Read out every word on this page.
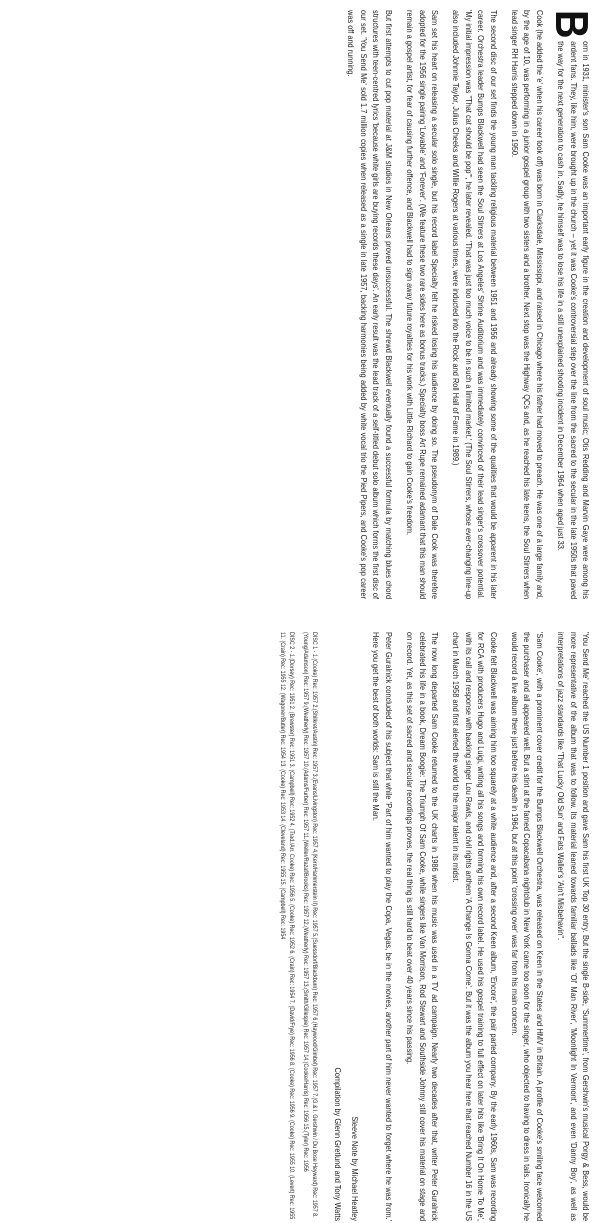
B
orn in 1931, minister's son Sam Cooke was an important early figure in the creation and development of soul music; Otis Redding and Marvin Gaye were among his ardent fans. They, like him, were brought up in the church – yet it was Cooke's controversial step over the line from the sacred to the secular in the late 1950s that paved the way for the next generation to cash in. Sadly, he himself was to lose his life in a still unexplained shooting incident in December 1964 when aged just 33.

Cook (he added the 'e' when his career took off) was born in Clarksdale, Mississippi, and raised in Chicago where his father had moved to preach. He was one of a large family and, by the age of 10, was performing in a junior gospel group with two sisters and a brother. Next stop was the Highway QCs and, as he reached his late teens, the Soul Stirrers when lead singer RH Harris stepped down in 1950.

The second disc of our set finds the young man tackling religious material between 1951 and 1956 and already showing some of the qualities that would be apparent in his later career. Orchestra leader Bumps Blackwell had seen the Soul Stirrers at Los Angeles' Shrine Auditorium and was immediately convinced of their lead singer's crossover potential. 'My initial impression was "That cat should be pop"', he later revealed. 'That was just too much voice to be in such a limited market.' (The Soul Stirrers, whose ever-changing line-up also included Johnnie Taylor, Julius Cheeks and Willie Rogers at various times, were inducted into the Rock and Roll Hall of Fame in 1989.)

Sam set his heart on releasing a secular solo single, but his record label Specialty felt he risked losing his audience by doing so. The pseudonym of Dale Cook was therefore adopted for the 1956 single pairing 'Lovable' and 'Forever'. (We feature these two rare sides here as bonus tracks.) Specialty boss Art Rupe remained adamant that this man should remain a gospel artist, for fear of causing further offence, and Blackwell had to sign away future royalties for his work with Little Richard to gain Cooke's freedom.

But first attempts to cut pop material at J&M studios in New Orleans proved unsuccessful. The shrewd Blackwell eventually found a successful formula by matching blues chord structures with teen-centred lyrics 'because white girls are buying records these days'. An early result was the lead track of a self-titled debut solo album which forms the first disc of our set. 'You Send Me' sold 1.7 million copies when released as a single in late 1957, backing harmonies being added by white vocal trio the Pied Pipers, and Cooke's pop career was off and running.

'You Send Me' reached the US Number 1 position and gave Sam his first UK Top 30 entry. But the single B-side, 'Summertime', from Gershwin's musical Porgy & Bess, would be more representative of the album that was to follow. Its material leaned towards familiar ballads like 'Ol' Man River', 'Moonlight In Vermont', and even 'Danny Boy', as well as interpretations of jazz standards like 'That Lucky Old Sun' and Fats Waller's 'Ain't Misbehavin''.

'Sam Cooke', with a prominent cover credit for the Bumps Blackwell Orchestra, was released on Keen in the States and HMV in Britain. A profile of Cooke's smiling face welcomed the purchaser and all appeared well. But a stint at the famed Copacabana nightclub in New York came too soon for the singer, who objected to having to dress in tails. Ironically he would record a live album there just before his death in 1964, but at this point 'crossing over' was far from his main concern.

Cooke felt Blackwell was aiming him too squarely at a white audience and, after a second Keen album, 'Encore', the pair parted company. By the early 1960s, Sam was recording for RCA with producers Hugo and Luigi, writing all his songs and forming his own record label. He used his gospel training to full effect on later hits like 'Bring It On Home To Me', with its call and response with backing singer Lou Rawls, and civil rights anthem 'A Change Is Gonna Come'. But it was the album you hear here that reached Number 16 in the US chart in March 1958 and first alerted the world to the major talent in its midst.

The now long departed Sam Cooke returned to the UK charts in 1986 when his music was used in a TV ad campaign. Nearly two decades after that, writer Peter Guralnick celebrated his life in a book, Dream Boogie: The Triumph Of Sam Cooke, while singers like Van Morrison, Rod Stewart and Southside Johnny still cover his material on stage and on record. Yet, as this set of sacred and secular recordings proves, the real thing is still hard to beat over 40 years since his passing.

Peter Guralnick concluded of his subject that while 'Part of him wanted to play the Copa, Vegas, be in the movies, another part of him never wanted to forget where he was from.' Here you get the best of both worlds: Sam is still the Man.

Sleeve Note by Michael Heatley
Compilation by Glenn Gretlund and Tony Watts
DISC 1 - 1.(Cooke) Rec: 1957 2.(Shilkret/Austin) Rec: 1957 3.(Evans/Livingston) Rec: 1957 4.(Kern/Hammerstein II) Rec: 1957 5.(Suessdorf/Blackburn) Rec: 1957 6.(Haywood/Gimbel) Rec: 1957 7.(G.& I. Gershwin / Du Bose Heyward) Rec: 1957 8.(Young/Adamson) Rec: 1957 9.(Weatherly) Rec: 1957 10.(Adams/Furber) Rec: 1957 11.(Weller/Razaf/Brooks) Rec: 1957 12.(Weatherly) Rec: 1957 13.(Smith/Gillespie) Rec: 1957 14.(Cooke/Harris) Rec: 1956 15.(Tyler) Rec: 1956
DISC 2 - 1.(Dorsey) Rec: 1951 2. (Brewster) Rec: 1951 3. (Campbell) Rec: 1952 4. (Trad./Arr. Cooke) Rec: 1956 5. (Cooke) Rec: 1952 6. (Crain) Rec: 1954 7. (David/Frye) Rec: 1956 8. (Cooke) Rec: 1956 9. (Cooke) Rec: 1955 10. (Levert) Rec: 1955 11. (Crain) Rec: 1955 12. (Wagoner/Butler) Rec: 1954 13. (Cooke) Rec: 1953 14. (Cleveland) Rec: 1955 15. (Campbell) Rec: 1954
